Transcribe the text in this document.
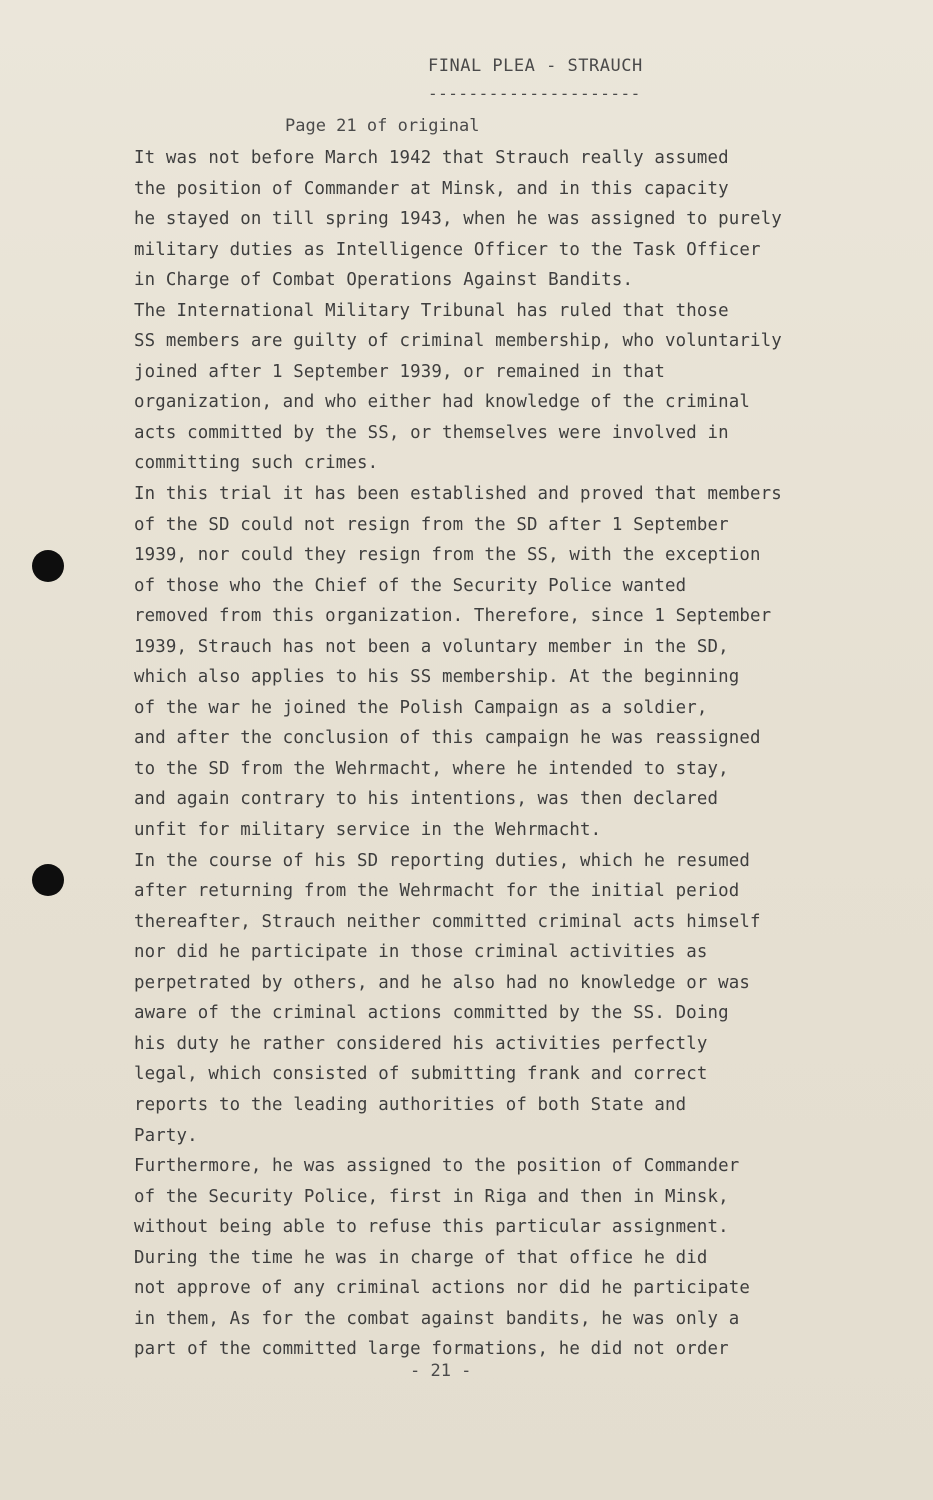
FINAL PLEA - STRAUCH
---------------------
Page 21 of original
It was not before March 1942 that Strauch really assumed
the position of Commander at Minsk, and in this capacity
he stayed on till spring 1943, when he was assigned to purely
military duties as Intelligence Officer to the Task Officer
in Charge of Combat Operations Against Bandits.
The International Military Tribunal has ruled that those
SS members are guilty of criminal membership, who voluntarily
joined after 1 September 1939, or remained in that
organization, and who either had knowledge of the criminal
acts committed by the SS, or themselves were involved in
committing such crimes.
In this trial it has been established and proved that members
of the SD could not resign from the SD after 1 September
1939, nor could they resign from the SS, with the exception
of those who the Chief of the Security Police wanted
removed from this organization. Therefore, since 1 September
1939, Strauch has not been a voluntary member in the SD,
which also applies to his SS membership. At the beginning
of the war he joined the Polish Campaign as a soldier,
and after the conclusion of this campaign he was reassigned
to the SD from the Wehrmacht, where he intended to stay,
and again contrary to his intentions, was then declared
unfit for military service in the Wehrmacht.
In the course of his SD reporting duties, which he resumed
after returning from the Wehrmacht for the initial period
thereafter, Strauch neither committed criminal acts himself
nor did he participate in those criminal activities as
perpetrated by others, and he also had no knowledge or was
aware of the criminal actions committed by the SS. Doing
his duty he rather considered his activities perfectly
legal, which consisted of submitting frank and correct
reports to the leading authorities of both State and
Party.
Furthermore, he was assigned to the position of Commander
of the Security Police, first in Riga and then in Minsk,
without being able to refuse this particular assignment.
During the time he was in charge of that office he did
not approve of any criminal actions nor did he participate
in them, As for the combat against bandits, he was only a
part of the committed large formations, he did not order
- 21 -
